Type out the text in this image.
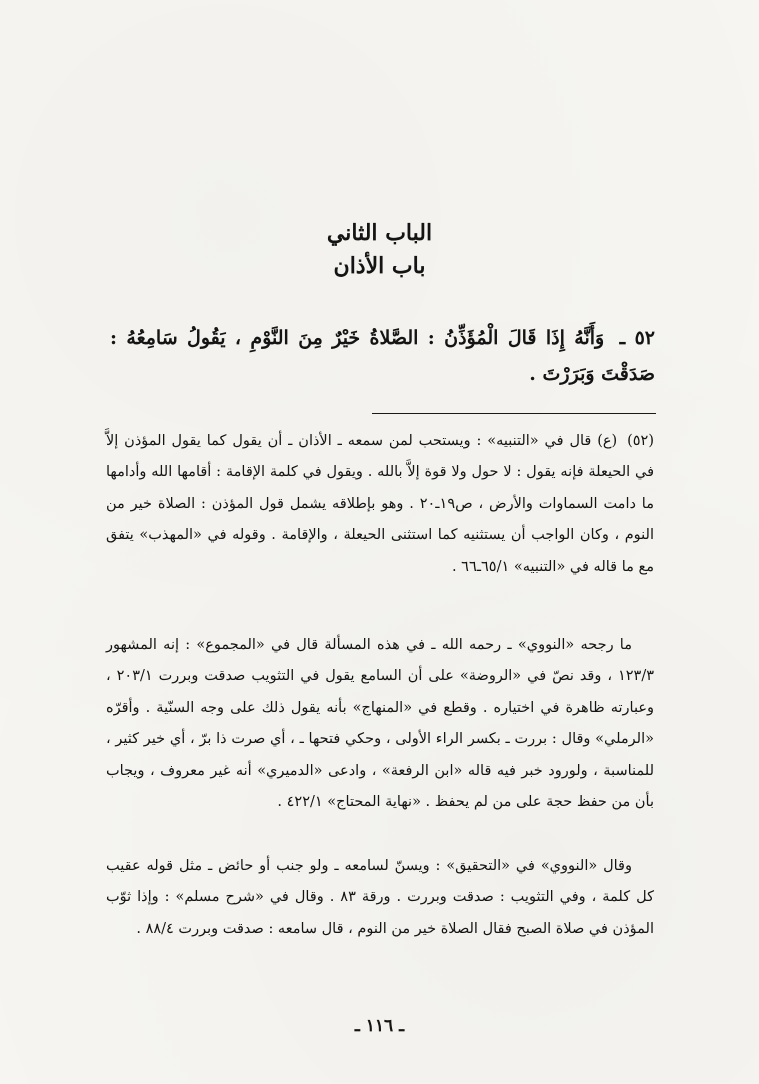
الباب الثاني
باب الأذان
٥٢ ـ وَأَنَّهُ إِذَا قَالَ الْمُؤَذِّنُ : الصَّلاةُ خَيْرٌ مِنَ النَّوْمِ ، يَقُولُ سَامِعُهُ : صَدَقْتَ وَبَرَرْتَ .
(٥٢) (ع) قال في «التنبيه» : ويستحب لمن سمعه ـ الأذان ـ أن يقول كما يقول المؤذن إلاَّ في الحيعلة فإنه يقول : لا حول ولا قوة إلاَّ بالله . ويقول في كلمة الإقامة : أقامها الله وأدامها ما دامت السماوات والأرض ، ص١٩ـ٢٠ . وهو بإطلاقه يشمل قول المؤذن : الصلاة خير من النوم ، وكان الواجب أن يستثنيه كما استثنى الحيعلة ، والإقامة . وقوله في «المهذب» يتفق مع ما قاله في «التنبيه» ٦٥/١ـ٦٦ .
ما رجحه «النووي» ـ رحمه الله ـ في هذه المسألة قال في «المجموع» : إنه المشهور ١٢٣/٣ ، وقد نصّ في «الروضة» على أن السامع يقول في التثويب صدقت وبررت ٢٠٣/١ ، وعبارته ظاهرة في اختياره . وقطع في «المنهاج» بأنه يقول ذلك على وجه السنّية . وأقرّه «الرملي» وقال : بررت ـ بكسر الراء الأولى ، وحكي فتحها ـ ، أي صرت ذا برّ ، أي خير كثير ، للمناسبة ، ولورود خبر فيه قاله «ابن الرفعة» ، وادعى «الدميري» أنه غير معروف ، ويجاب بأن من حفظ حجة على من لم يحفظ . «نهاية المحتاج» ٤٢٢/١ .
وقال «النووي» في «التحقيق» : ويسنّ لسامعه ـ ولو جنب أو حائض ـ مثل قوله عقيب كل كلمة ، وفي التثويب : صدقت وبررت . ورقة ٨٣ . وقال في «شرح مسلم» : وإذا ثوّب المؤذن في صلاة الصبح فقال الصلاة خير من النوم ، قال سامعه : صدقت وبررت ٨٨/٤ .
ـ ١١٦ ـ
